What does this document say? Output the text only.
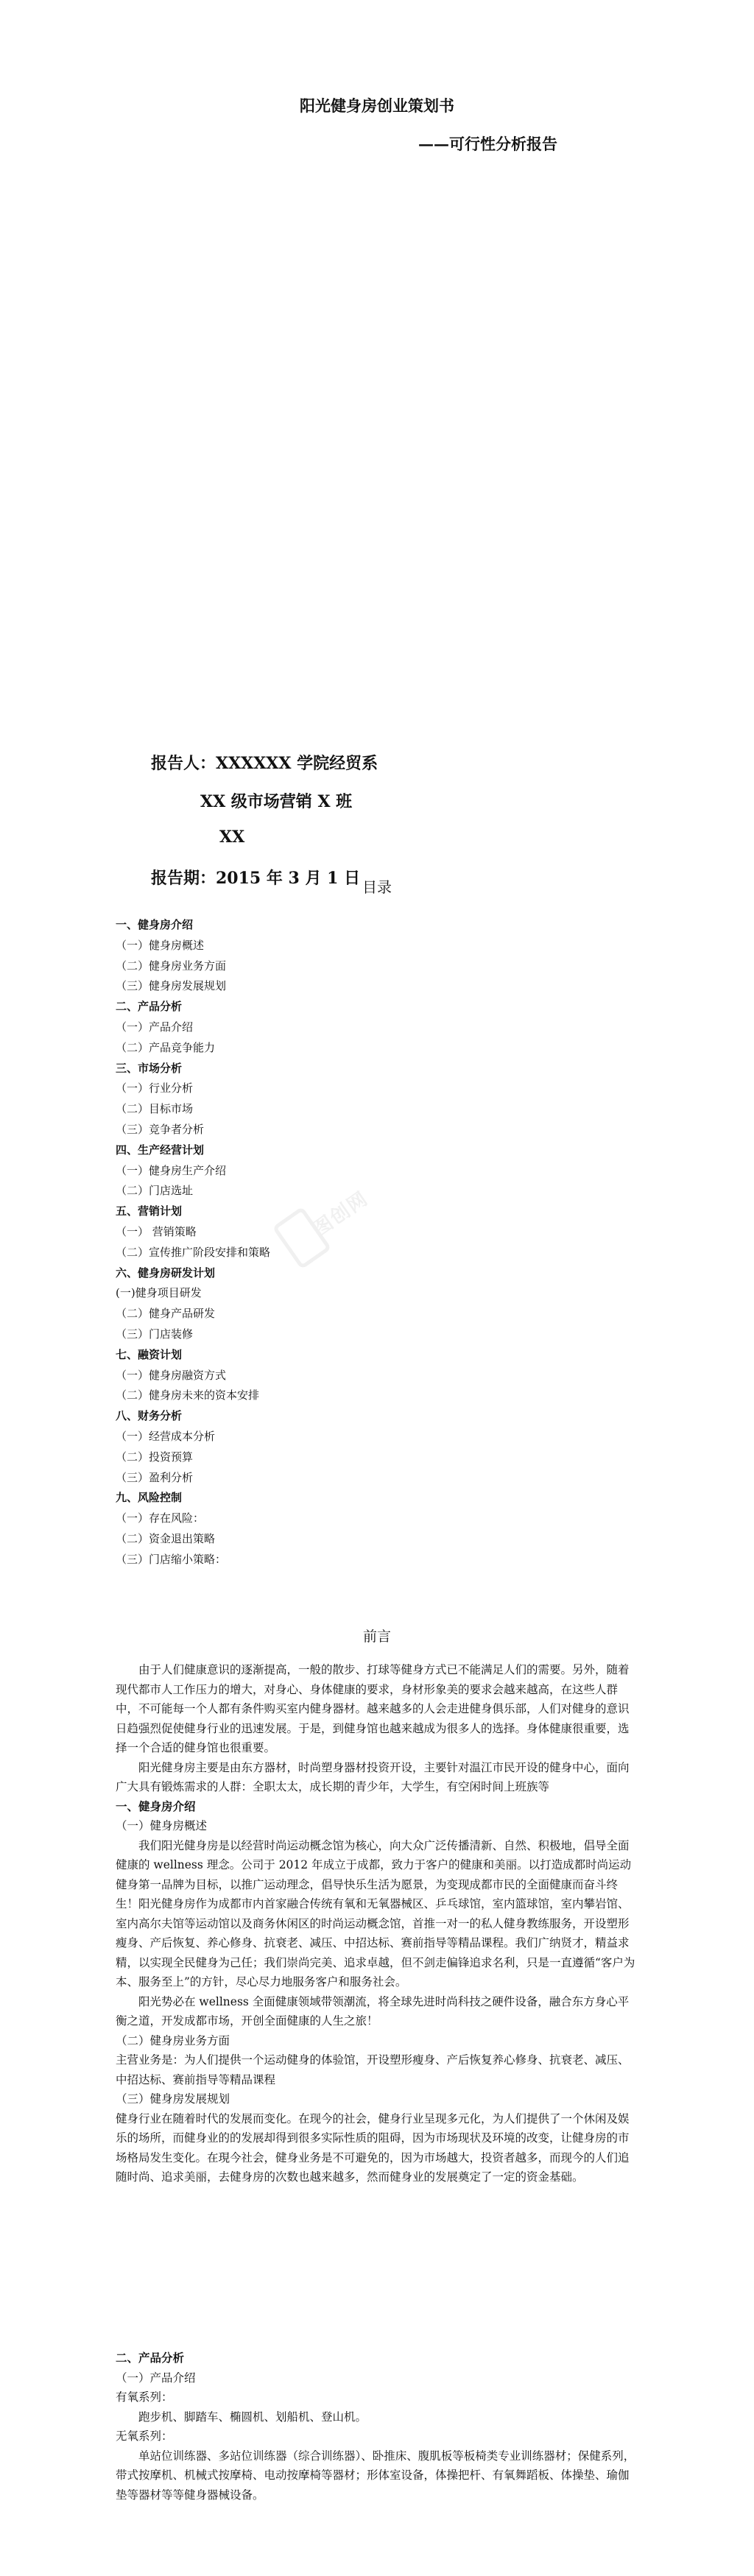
阳光健身房创业策划书
——可行性分析报告
报告人：XXXXXX 学院经贸系
XX 级市场营销 X 班
XX
报告期：2015 年 3 月 1 日 目录
一、健身房介绍
（一）健身房概述
（二）健身房业务方面
（三）健身房发展规划
二、产品分析
（一）产品介绍
（二）产品竞争能力
三、市场分析
（一）行业分析
（二）目标市场
（三）竞争者分析
四、生产经营计划
（一）健身房生产介绍
（二）门店选址
五、营销计划
（一） 营销策略
（二）宣传推广阶段安排和策略
六、健身房研发计划
(一)健身项目研发
（二）健身产品研发
（三）门店装修
七、融资计划
（一）健身房融资方式
（二）健身房未来的资本安排
八、财务分析
（一）经营成本分析
（二）投资预算
（三）盈利分析
九、风险控制
（一）存在风险：
（二）资金退出策略
（三）门店缩小策略：
图创网
前言

由于人们健康意识的逐渐提高，一般的散步、打球等健身方式已不能满足人们的需要。另外，随着现代都市人工作压力的增大，对身心、身体健康的要求，身材形象美的要求会越来越高，在这些人群中，不可能每一个人都有条件购买室内健身器材。越来越多的人会走进健身俱乐部，人们对健身的意识日趋强烈促使健身行业的迅速发展。于是，到健身馆也越来越成为很多人的选择。身体健康很重要，选择一个合适的健身馆也很重要。

阳光健身房主要是由东方器材，时尚塑身器材投资开设，主要针对温江市民开设的健身中心，面向广大具有锻炼需求的人群：全职太太，成长期的青少年，大学生，有空闲时间上班族等

一、健身房介绍

（一）健身房概述

我们阳光健身房是以经营时尚运动概念馆为核心，向大众广泛传播清新、自然、积极地，倡导全面健康的 wellness 理念。公司于 2012 年成立于成都，致力于客户的健康和美丽。以打造成都时尚运动健身第一品牌为目标，以推广运动理念，倡导快乐生活为愿景，为变现成都市民的全面健康而奋斗终生！阳光健身房作为成都市内首家融合传统有氧和无氧器械区、乒乓球馆，室内篮球馆，室内攀岩馆、室内高尔夫馆等运动馆以及商务休闲区的时尚运动概念馆，首推一对一的私人健身教练服务，开设塑形瘦身、产后恢复、养心修身、抗衰老、减压、中招达标、赛前指导等精品课程。我们广纳贤才，精益求精，以实现全民健身为己任；我们崇尚完美、追求卓越，但不剑走偏锋追求名利，只是一直遵循“客户为本、服务至上”的方针，尽心尽力地服务客户和服务社会。

阳光势必在 wellness 全面健康领域带领潮流，将全球先进时尚科技之硬件设备，融合东方身心平衡之道，开发成都市场，开创全面健康的人生之旅！

（二）健身房业务方面

主营业务是：为人们提供一个运动健身的体验馆，开设塑形瘦身、产后恢复养心修身、抗衰老、减压、中招达标、赛前指导等精品课程

（三）健身房发展规划

健身行业在随着时代的发展而变化。在现今的社会，健身行业呈现多元化，为人们提供了一个休闲及娱乐的场所，而健身业的的发展却得到很多实际性质的阻碍，因为市场现状及环境的改变，让健身房的市场格局发生变化。在現今社会，健身业务是不可避免的，因为市场越大，投资者越多，而现今的人们追随时尚、追求美丽，去健身房的次数也越来越多，然而健身业的发展奠定了一定的资金基础。

二、产品分析

（一）产品介绍

有氧系列：

跑步机、脚踏车、椭圆机、划船机、登山机。

无氧系列：

单站位训练器、多站位训练器（综合训练器）、卧推床、腹肌板等板椅类专业训练器材；保健系列，带式按摩机、机械式按摩椅、电动按摩椅等器材；形体室设备，体操把杆、有氧舞蹈板、体操垫、瑜伽垫等器材等等健身器械设备。
